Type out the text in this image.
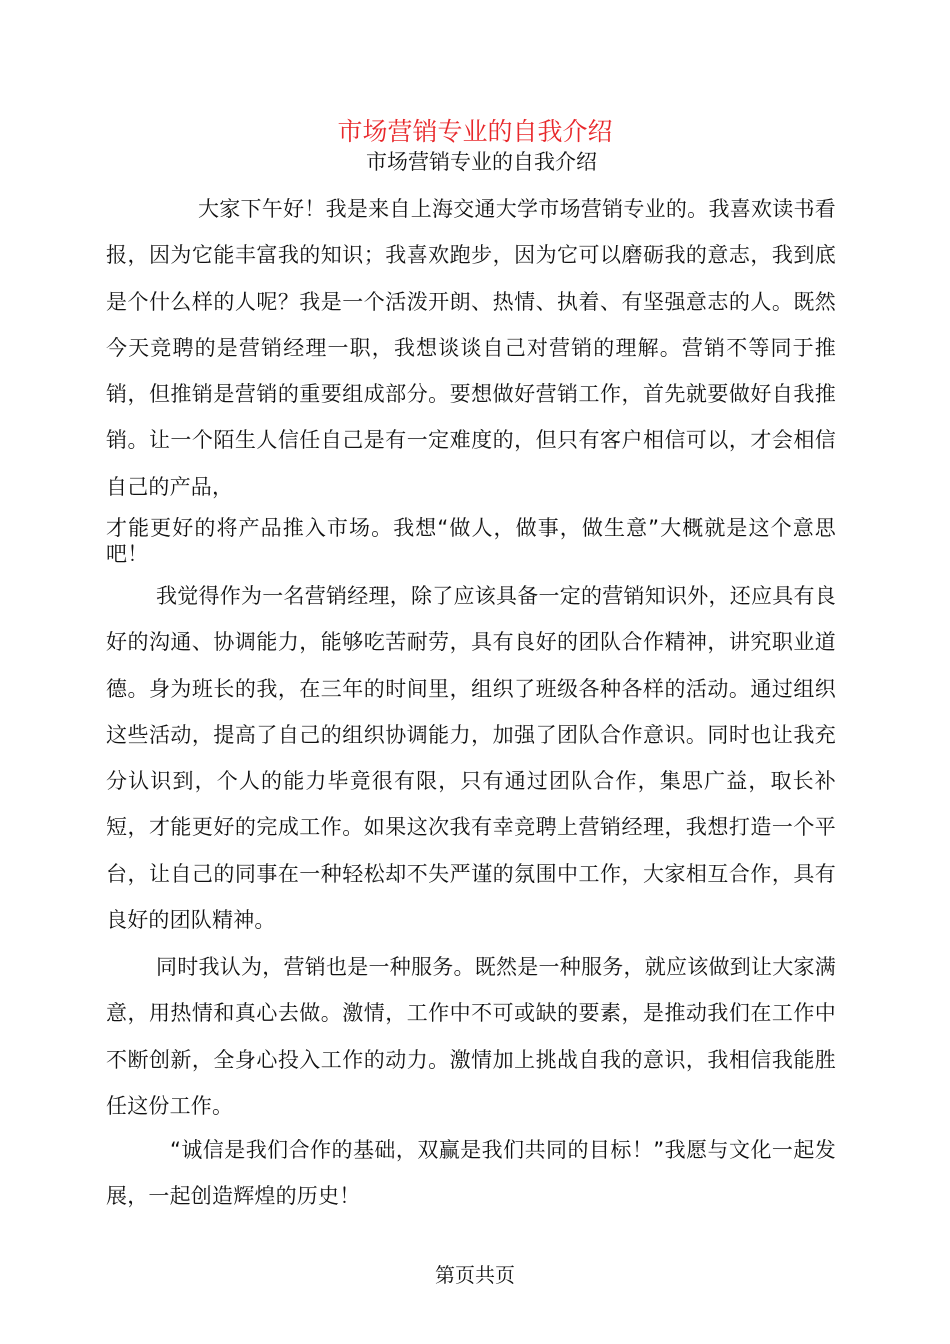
市场营销专业的自我介绍
市场营销专业的自我介绍

大家下午好！我是来自上海交通大学市场营销专业的。我喜欢读书看报，因为它能丰富我的知识；我喜欢跑步，因为它可以磨砺我的意志，我到底是个什么样的人呢？我是一个活泼开朗、热情、执着、有坚强意志的人。既然今天竞聘的是营销经理一职，我想谈谈自己对营销的理解。营销不等同于推销，但推销是营销的重要组成部分。要想做好营销工作，首先就要做好自我推销。让一个陌生人信任自己是有一定难度的，但只有客户相信可以，才会相信自己的产品，

才能更好的将产品推入市场。我想“做人，做事，做生意”大概就是这个意思吧！

我觉得作为一名营销经理，除了应该具备一定的营销知识外，还应具有良好的沟通、协调能力，能够吃苦耐劳，具有良好的团队合作精神，讲究职业道德。身为班长的我，在三年的时间里，组织了班级各种各样的活动。通过组织这些活动，提高了自己的组织协调能力，加强了团队合作意识。同时也让我充分认识到，个人的能力毕竟很有限，只有通过团队合作，集思广益，取长补短，才能更好的完成工作。如果这次我有幸竞聘上营销经理，我想打造一个平台，让自己的同事在一种轻松却不失严谨的氛围中工作，大家相互合作，具有良好的团队精神。

同时我认为，营销也是一种服务。既然是一种服务，就应该做到让大家满意，用热情和真心去做。激情，工作中不可或缺的要素，是推动我们在工作中不断创新，全身心投入工作的动力。激情加上挑战自我的意识，我相信我能胜任这份工作。

“诚信是我们合作的基础，双赢是我们共同的目标！”我愿与文化一起发展，一起创造辉煌的历史！

第页共页
